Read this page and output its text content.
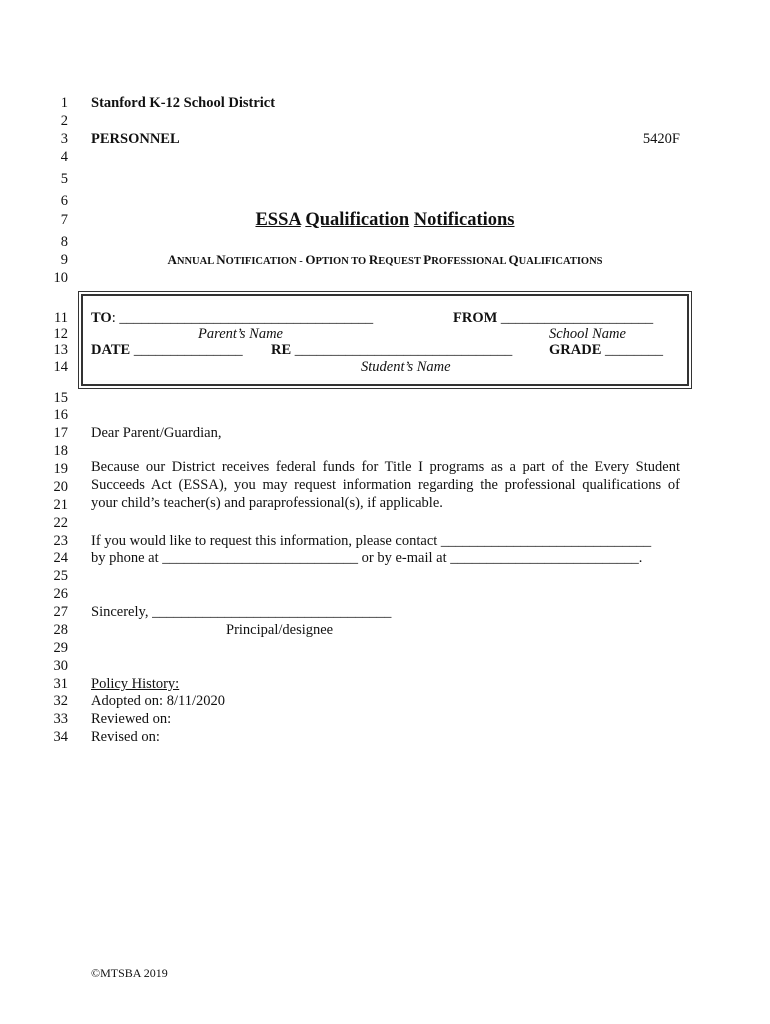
1
2
3
4
5
6
7
8
9
10
11
12
13
14
15
16
17
18
19
20
21
22
23
24
25
26
27
28
29
30
31
32
33
34
Stanford K-12 School District
PERSONNEL	5420F
ESSA Qualification Notifications
ANNUAL NOTIFICATION - OPTION TO REQUEST PROFESSIONAL QUALIFICATIONS
TO: ___________________________________	FROM _____________________
Parent’s Name	School Name
DATE _______________ RE ______________________________	GRADE ________
Student’s Name
Dear Parent/Guardian,
Because our District receives federal funds for Title I programs as a part of the Every Student
Succeeds Act (ESSA), you may request information regarding the professional qualifications of
your child’s teacher(s) and paraprofessional(s), if applicable.
If you would like to request this information, please contact _____________________________
by phone at ___________________________ or by e-mail at __________________________.
Sincerely, _________________________________
Principal/designee
Policy History:
Adopted on: 8/11/2020
Reviewed on:
Revised on:
©MTSBA 2019
